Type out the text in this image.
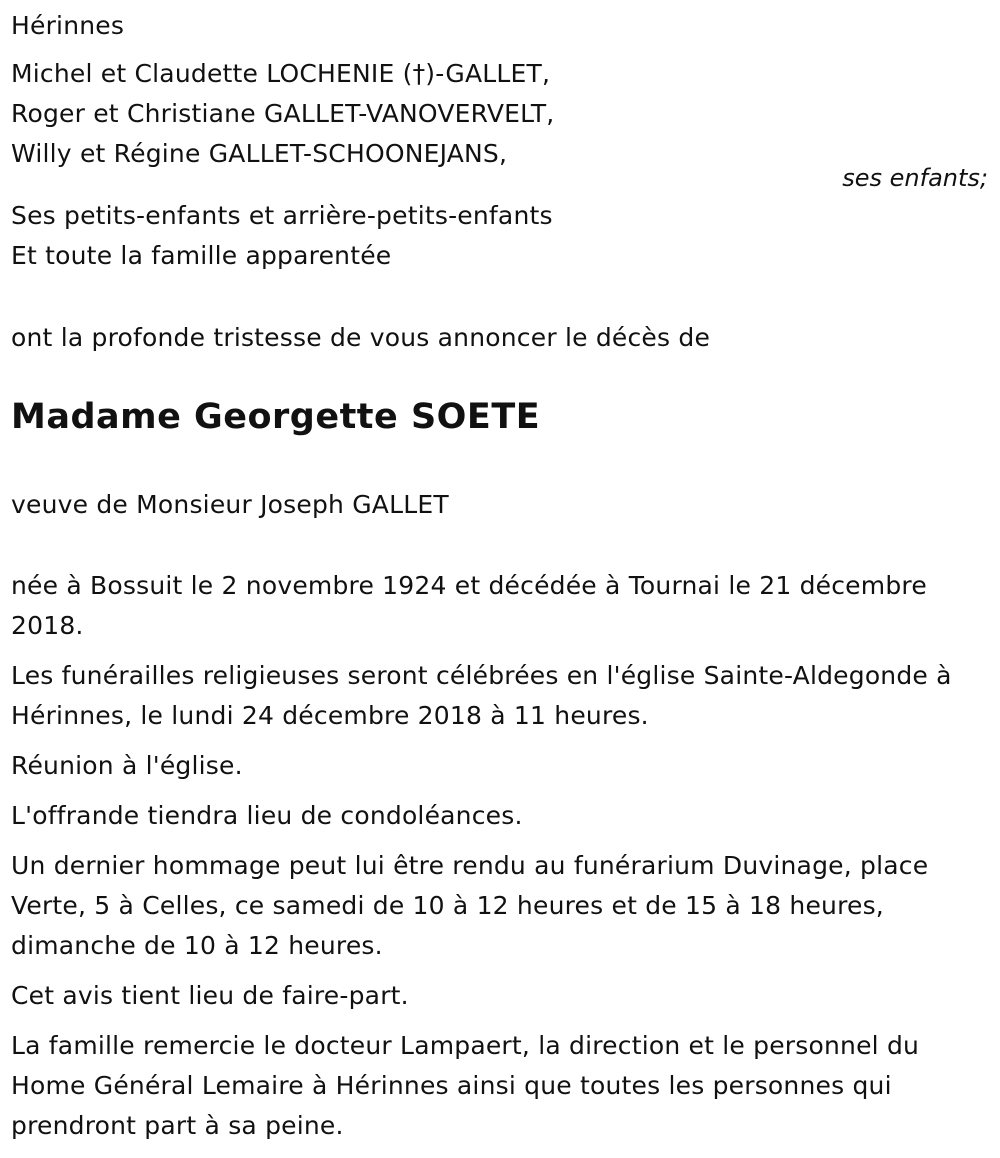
Hérinnes
Michel et Claudette LOCHENIE (†)-GALLET,
Roger et Christiane GALLET-VANOVERVELT,
Willy et Régine GALLET-SCHOONEJANS,
ses enfants;
Ses petits-enfants et arrière-petits-enfants
Et toute la famille apparentée
ont la profonde tristesse de vous annoncer le décès de
Madame Georgette SOETE
veuve de Monsieur Joseph GALLET
née à Bossuit le 2 novembre 1924 et décédée à Tournai le 21 décembre
2018.
Les funérailles religieuses seront célébrées en l'église Sainte-Aldegonde à
Hérinnes, le lundi 24 décembre 2018 à 11 heures.
Réunion à l'église.
L'offrande tiendra lieu de condoléances.
Un dernier hommage peut lui être rendu au funérarium Duvinage, place
Verte, 5 à Celles, ce samedi de 10 à 12 heures et de 15 à 18 heures,
dimanche de 10 à 12 heures.
Cet avis tient lieu de faire-part.
La famille remercie le docteur Lampaert, la direction et le personnel du
Home Général Lemaire à Hérinnes ainsi que toutes les personnes qui
prendront part à sa peine.
